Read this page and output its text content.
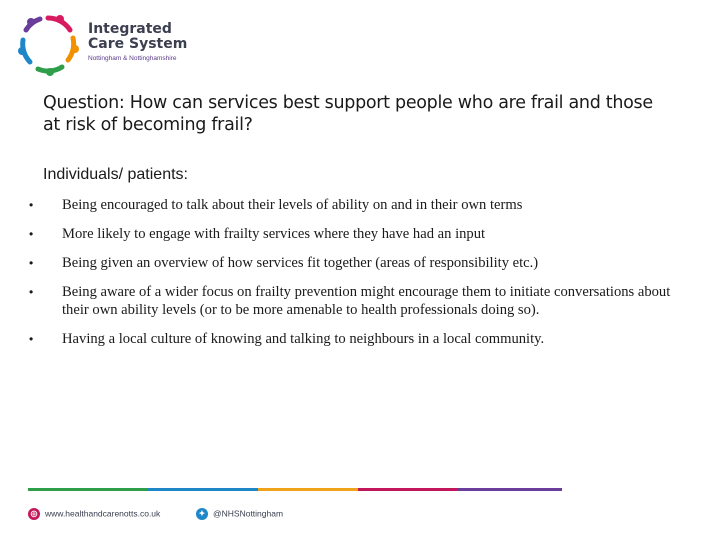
Integrated
Care System
Nottingham & Nottinghamshire
Question: How can services best support people who are frail and those at risk of becoming frail?
Individuals/ patients:
• Being encouraged to talk about their levels of ability on and in their own terms
• More likely to engage with frailty services where they have had an input
• Being given an overview of how services fit together (areas of responsibility etc.)
• Being aware of a wider focus on frailty prevention might encourage them to initiate conversations about their own ability levels (or to be more amenable to health professionals doing so).
• Having a local culture of knowing and talking to neighbours in a local community.
◎ www.healthandcarenotts.co.uk	✦ @NHSNottingham
